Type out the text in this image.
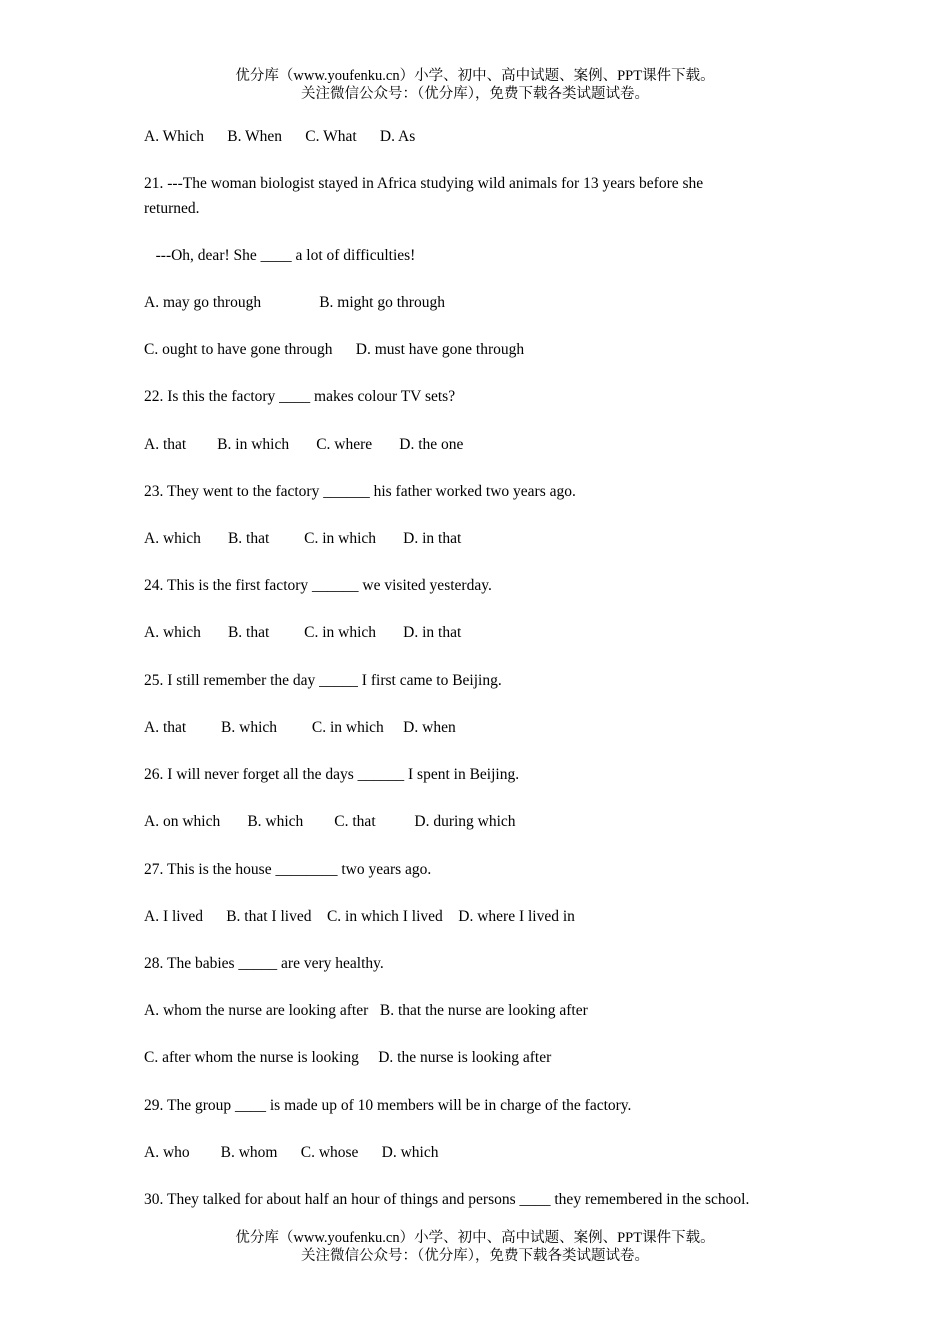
优分库（www.youfenku.cn）小学、初中、高中试题、案例、PPT课件下载。
关注微信公众号：（优分库），免费下载各类试题试卷。
A. Which      B. When      C. What      D. As
21. ---The woman biologist stayed in Africa studying wild animals for 13 years before she
returned.
---Oh, dear! She ____ a lot of difficulties!
A. may go through               B. might go through
C. ought to have gone through      D. must have gone through
22. Is this the factory ____ makes colour TV sets?
A. that        B. in which       C. where       D. the one
23. They went to the factory ______ his father worked two years ago.
A. which       B. that         C. in which       D. in that
24. This is the first factory ______ we visited yesterday.
A. which       B. that         C. in which       D. in that
25. I still remember the day _____ I first came to Beijing.
A. that         B. which         C. in which     D. when
26. I will never forget all the days ______ I spent in Beijing.
A. on which       B. which        C. that          D. during which
27. This is the house ________ two years ago.
A. I lived      B. that I lived    C. in which I lived    D. where I lived in
28. The babies _____ are very healthy.
A. whom the nurse are looking after   B. that the nurse are looking after
C. after whom the nurse is looking     D. the nurse is looking after
29. The group ____ is made up of 10 members will be in charge of the factory.
A. who        B. whom      C. whose      D. which
30. They talked for about half an hour of things and persons ____ they remembered in the school.
优分库（www.youfenku.cn）小学、初中、高中试题、案例、PPT课件下载。
关注微信公众号：（优分库），免费下载各类试题试卷。
